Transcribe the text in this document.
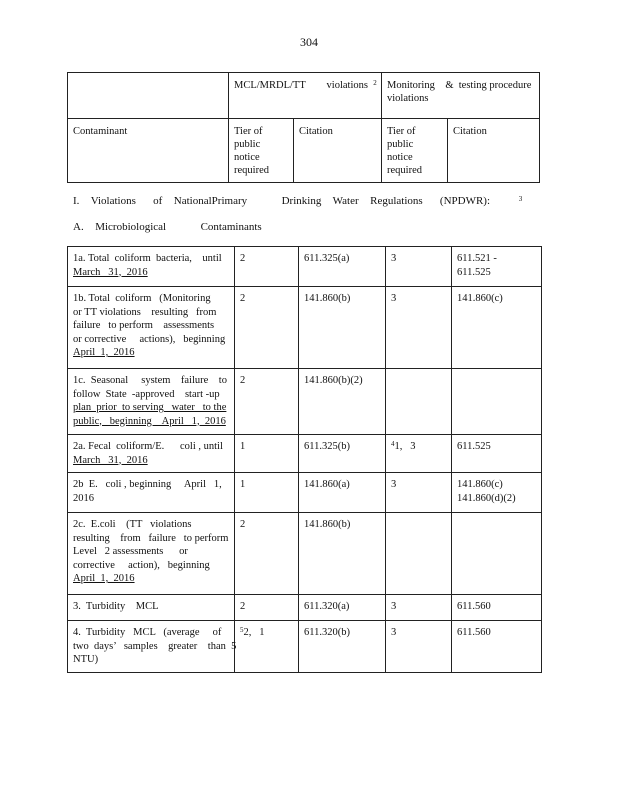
304
	MCL/MRDL/TT        violations $^2$		Monitoring    &  testing procedure    violations	
Contaminant	Tier of
public
notice
required	Citation	Tier of
public
notice
required	Citation
I.  Violations   of  NationalPrimary      Drinking  Water  Regulations   (NPDWR):	$^3$
A.  Microbiological      Contaminants
1a. Total  coliform  bacteria,    until
March   31,  2016	2	611.325(a)	3	611.521 -
611.525

1b. Total  coliform   (Monitoring
or TT violations    resulting   from
failure   to perform    assessments
or corrective     actions),   beginning
April  1,  2016	2	141.860(b)	3	141.860(c)

1c.  Seasonal     system    failure    to
follow  State  -approved    start -up
plan  prior  to serving   water   to the
public,   beginning    April   1,  2016	2	141.860(b)(2)		

2a. Fecal  coliform/E.      coli , until
March   31,  2016	1	611.325(b)	$^4$1,   3	611.525

2b  E.   coli , beginning     April   1,
2016	1	141.860(a)	3	141.860(c)
141.860(d)(2)

2c.  E.coli    (TT   violations
resulting    from   failure   to perform
Level   2 assessments      or
corrective     action),   beginning
April  1,  2016	2	141.860(b)		

3.  Turbidity    MCL	2	611.320(a)	3	611.560

4.  Turbidity   MCL   (average     of
two  days’   samples    greater    than  5
NTU)	$^5$2,   1	611.320(b)	3	611.560
